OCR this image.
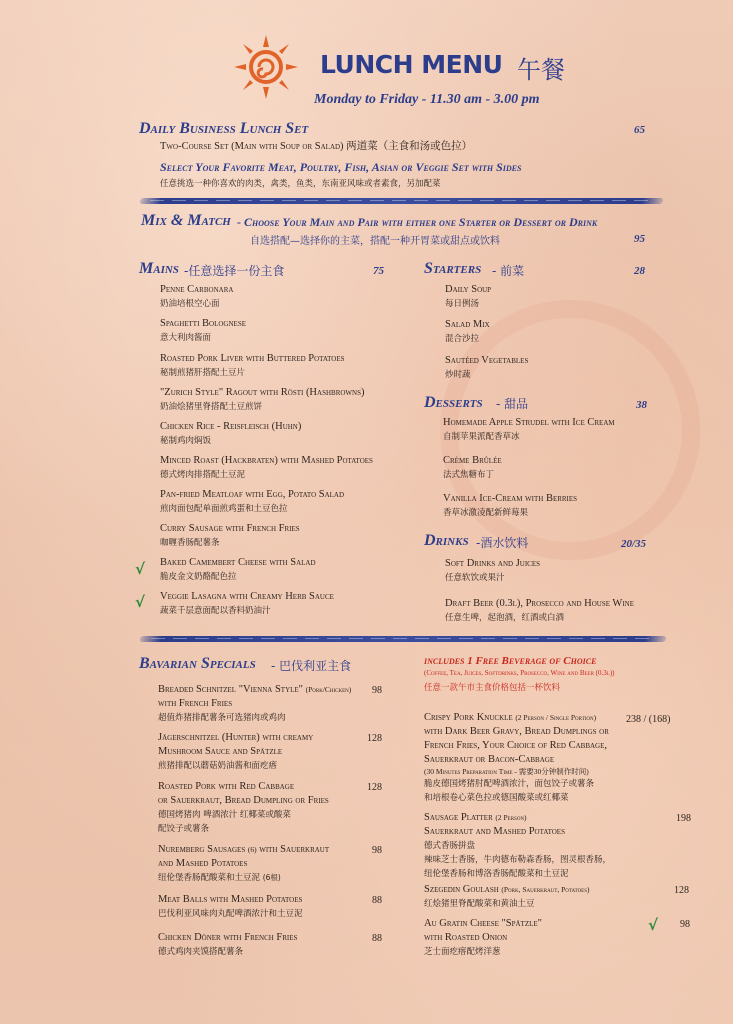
LUNCH MENU 午餐
Monday to Friday - 11.30 am - 3.00 pm
Daily Business Lunch Set	65
Two-Course Set (Main with Soup or Salad) 两道菜（主食和汤或色拉）
Select Your Favorite Meat, Poultry, Fish, Asian or Veggie Set with Sides
任意挑选一种你喜欢的肉类，禽类，鱼类，东南亚风味或者素食，另加配菜
Mix & Match - Choose Your Main and Pair with either one Starter or Dessert or Drink
自选搭配—选择你的主菜，搭配一种开胃菜或甜点或饮料	95
Mains -任意选择一份主食	75
Penne Carbonara
奶油培根空心面
Spaghetti Bolognese
意大利肉酱面
Roasted Pork Liver with Buttered Potatoes
秘制煎猪肝搭配土豆片
"Zurich Style" Ragout with Rösti (Hashbrowns)
奶油烩猪里脊搭配土豆煎饼
Chicken Rice - Reisfleisch (Huhn)
秘制鸡肉焖饭
Minced Roast (Hackbraten) with Mashed Potatoes
德式烤肉排搭配土豆泥
Pan-fried Meatloaf with Egg, Potato Salad
煎肉面包配单面煎鸡蛋和土豆色拉
Curry Sausage with French Fries
咖喱香肠配薯条
√ Baked Camembert Cheese with Salad
脆皮金文奶酪配色拉
√ Veggie Lasagna with Creamy Herb Sauce
蔬菜千层意面配以香料奶油汁
Starters - 前菜	28
Daily Soup
每日例汤
Salad Mix
混合沙拉
Sautéed Vegetables
炒时蔬
Desserts - 甜品	38
Homemade Apple Strudel with Ice Cream
自制苹果派配香草冰
Crème Brûlée
法式焦糖布丁
Vanilla Ice-Cream with Berries
香草冰激凌配新鲜莓果
Drinks -酒水饮料	20/35
Soft Drinks and Juices
任意软饮或果汁
Draft Beer (0.3l), Prosecco and House Wine
任意生啤，起泡酒，红酒或白酒
Bavarian Specials - 巴伐利亚主食
Breaded Schnitzel "Vienna Style" (Pork/Chicken)
with French Fries
超值炸猪排配薯条可选猪肉或鸡肉
98
Jägerschnitzel (Hunter) with creamy
Mushroom Sauce and Spätzle
煎猪排配以蘑菇奶油酱和面疙瘩
128
Roasted Pork with Red Cabbage
or Sauerkraut, Bread Dumpling or Fries
德国烤猪肉 啤酒浓汁 红椰菜或酸菜
配饺子或薯条
128
Nuremberg Sausages (6) with Sauerkraut
and Mashed Potatoes
纽伦堡香肠配酸菜和土豆泥 (6根)
98
Meat Balls with Mashed Potatoes
巴伐利亚风味肉丸配啤酒浓汁和土豆泥
88
Chicken Döner with French Fries
德式鸡肉夹馍搭配薯条
88
includes 1 Free Beverage of Choice
(Coffee, Tea, Juices, Softdrinks, Prosecco, Wine and Beer (0.3l))
任意一款午市主食价格包括一杯饮料
Crispy Pork Knuckle (2 Person / Single Portion)
with Dark Beer Gravy, Bread Dumplings or
French Fries, Your Choice of Red Cabbage,
Sauerkraut or Bacon-Cabbage
(30 Minutes Preparation Time - 需要30分钟制作时间)
脆皮德国烤猪肘配啤酒浓汁，面包饺子或薯条
和培根卷心菜色拉或德国酸菜或红椰菜
238 / (168)
Sausage Platter (2 Person)
Sauerkraut and Mashed Potatoes
德式香肠拼盘
辣味芝士香肠，牛肉德布勒森香肠，图灵根香肠，
纽伦堡香肠和博洛香肠配酸菜和土豆泥
198
Szegedin Goulash (Pork, Sauerkraut, Potatoes)
红烩猪里脊配酸菜和黄油土豆
128
Au Gratin Cheese "Spätzle"
with Roasted Onion
芝士面疙瘩配烤洋葱
√ 98
